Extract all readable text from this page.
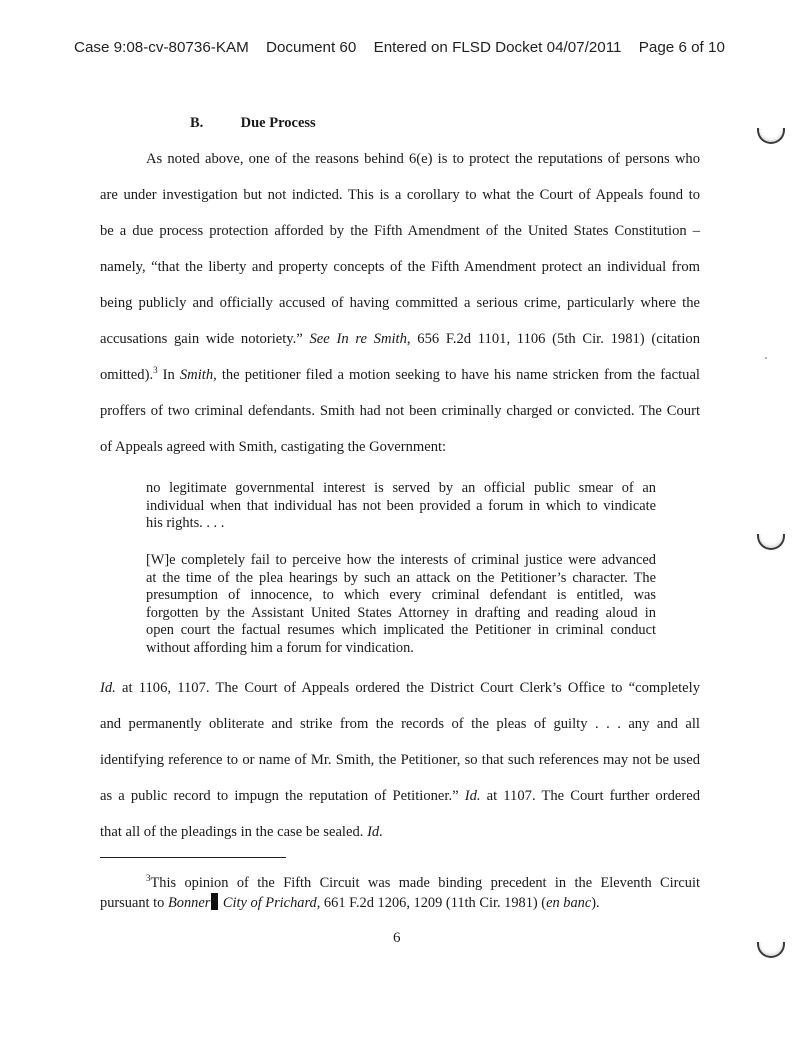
Case 9:08-cv-80736-KAM Document 60 Entered on FLSD Docket 04/07/2011 Page 6 of 10
B.	Due Process
As noted above, one of the reasons behind 6(e) is to protect the reputations of persons who
are under investigation but not indicted. This is a corollary to what the Court of Appeals found to
be a due process protection afforded by the Fifth Amendment of the United States Constitution –
namely, “that the liberty and property concepts of the Fifth Amendment protect an individual from
being publicly and officially accused of having committed a serious crime, particularly where the
accusations gain wide notoriety.” See In re Smith, 656 F.2d 1101, 1106 (5th Cir. 1981) (citation
omitted).$^3$ In Smith, the petitioner filed a motion seeking to have his name stricken from the factual
proffers of two criminal defendants. Smith had not been criminally charged or convicted. The Court
of Appeals agreed with Smith, castigating the Government:
no legitimate governmental interest is served by an official public smear of an
individual when that individual has not been provided a forum in which to vindicate
his rights. . . .
[W]e completely fail to perceive how the interests of criminal justice were advanced
at the time of the plea hearings by such an attack on the Petitioner’s character. The
presumption of innocence, to which every criminal defendant is entitled, was
forgotten by the Assistant United States Attorney in drafting and reading aloud in
open court the factual resumes which implicated the Petitioner in criminal conduct
without affording him a forum for vindication.
Id. at 1106, 1107. The Court of Appeals ordered the District Court Clerk’s Office to “completely
and permanently obliterate and strike from the records of the pleas of guilty . . . any and all
identifying reference to or name of Mr. Smith, the Petitioner, so that such references may not be used
as a public record to impugn the reputation of Petitioner.” Id. at 1107. The Court further ordered
that all of the pleadings in the case be sealed. Id.
$^3$This opinion of the Fifth Circuit was made binding precedent in the Eleventh Circuit
pursuant to Bonner City of Prichard, 661 F.2d 1206, 1209 (11th Cir. 1981) (en banc).
6
